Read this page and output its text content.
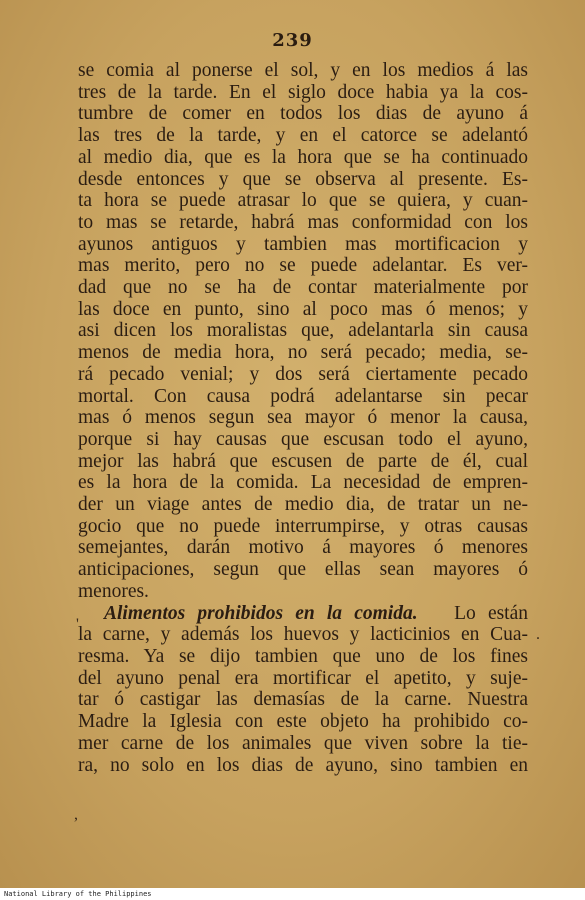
239
se comia al ponerse el sol, y en los medios á las
tres de la tarde. En el siglo doce habia ya la cos-
tumbre de comer en todos los dias de ayuno á
las tres de la tarde, y en el catorce se adelantó
al medio dia, que es la hora que se ha continuado
desde entonces y que se observa al presente. Es-
ta hora se puede atrasar lo que se quiera, y cuan-
to mas se retarde, habrá mas conformidad con los
ayunos antiguos y tambien mas mortificacion y
mas merito, pero no se puede adelantar. Es ver-
dad que no se ha de contar materialmente por
las doce en punto, sino al poco mas ó menos; y
asi dicen los moralistas que, adelantarla sin causa
menos de media hora, no será pecado; media, se-
rá pecado venial; y dos será ciertamente pecado
mortal. Con causa podrá adelantarse sin pecar
mas ó menos segun sea mayor ó menor la causa,
porque si hay causas que escusan todo el ayuno,
mejor las habrá que escusen de parte de él, cual
es la hora de la comida. La necesidad de empren-
der un viage antes de medio dia, de tratar un ne-
gocio que no puede interrumpirse, y otras causas
semejantes, darán motivo á mayores ó menores
anticipaciones, segun que ellas sean mayores ó
menores.
Alimentos prohibidos en la comida. Lo están
la carne, y además los huevos y lacticinios en Cua-
resma. Ya se dijo tambien que uno de los fines
del ayuno penal era mortificar el apetito, y suje-
tar ó castigar las demasías de la carne. Nuestra
Madre la Iglesia con este objeto ha prohibido co-
mer carne de los animales que viven sobre la tie-
ra, no solo en los dias de ayuno, sino tambien en
'
.
,
National Library of the Philippines
